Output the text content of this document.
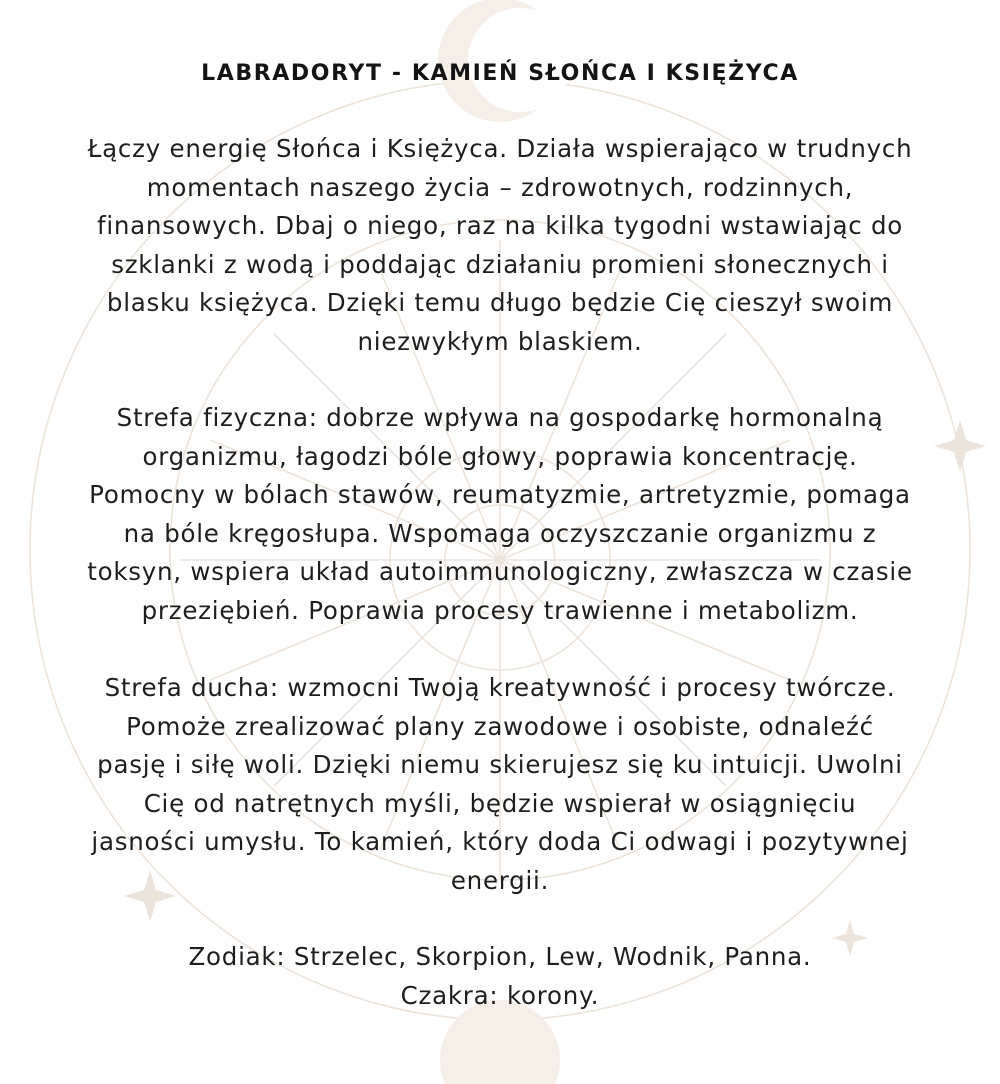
LABRADORYT - KAMIEŃ SŁOŃCA I KSIĘŻYCA

Łączy energię Słońca i Księżyca. Działa wspierająco w trudnych
momentach naszego życia – zdrowotnych, rodzinnych,
finansowych. Dbaj o niego, raz na kilka tygodni wstawiając do
szklanki z wodą i poddając działaniu promieni słonecznych i
blasku księżyca. Dzięki temu długo będzie Cię cieszył swoim
niezwykłym blaskiem.

Strefa fizyczna: dobrze wpływa na gospodarkę hormonalną
organizmu, łagodzi bóle głowy, poprawia koncentrację.
Pomocny w bólach stawów, reumatyzmie, artretyzmie, pomaga
na bóle kręgosłupa. Wspomaga oczyszczanie organizmu z
toksyn, wspiera układ autoimmunologiczny, zwłaszcza w czasie
przeziębień. Poprawia procesy trawienne i metabolizm.

Strefa ducha: wzmocni Twoją kreatywność i procesy twórcze.
Pomoże zrealizować plany zawodowe i osobiste, odnaleźć
pasję i siłę woli. Dzięki niemu skierujesz się ku intuicji. Uwolni
Cię od natrętnych myśli, będzie wspierał w osiągnięciu
jasności umysłu. To kamień, który doda Ci odwagi i pozytywnej
energii.

Zodiak: Strzelec, Skorpion, Lew, Wodnik, Panna.
Czakra: korony.
